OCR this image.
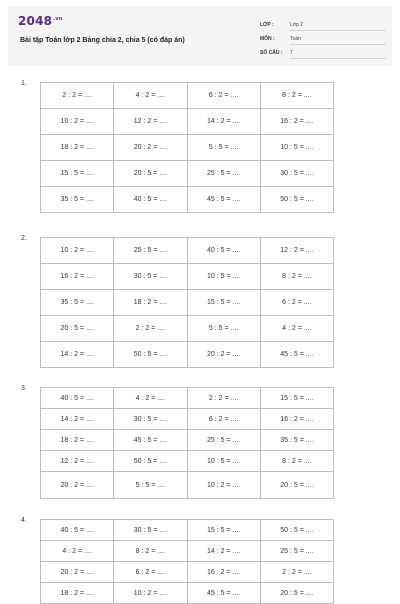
$2048^{.vn}$
Bài tập Toán lớp 2 Bảng chia 2, chia 5 (có đáp án)
LỚP :	Lớp 2
MÔN :	Toán
SỐ CÂU :	7
1.
2 : 2 = ....	4 : 2 = ....	6 : 2 = ....	8 : 2 = ....
10 : 2 = ....	12 : 2 = ....	14 : 2 = ....	16 : 2 = ....
18 : 2 = ....	20 : 2 = ....	5 : 5 = ....	10 : 5 = ....
15 : 5 = ....	20 : 5 = ....	25 : 5 = ....	30 : 5 = ....
35 : 5 = ....	40 : 5 = ....	45 : 5 = ....	50 : 5 = ....
2.
10 : 2 = ....	25 : 5 = ....	40 : 5 = ....	12 : 2 = ....
16 : 2 = ....	30 : 5 = ....	10 : 5 = ....	8 : 2 = ....
35 : 5 = ....	18 : 2 = ....	15 : 5 = ....	6 : 2 = ....
20 : 5 = ....	2 : 2 = ....	5 : 5 = ....	4 : 2 = ....
14 : 2 = ....	50 : 5 = ....	20 : 2 = ....	45 : 5 = ....
3.
40 : 5 = ....	4 : 2 = ....	2 : 2 = ....	15 : 5 = ....
14 : 2 = ....	30 : 5 = ....	6 : 2 = ....	16 : 2 = ....
18 : 2 = ....	45 : 5 = ....	25 : 5 = ....	35 : 5 = ....
12 : 2 = ....	50 : 5 = ....	10 : 5 = ....	8 : 2 = ....
20 : 2 = ....	5 : 5 = ....	10 : 2 = ....	20 : 5 = ....
4.
40 : 5 = ....	30 : 5 = ....	15 : 5 = ....	50 : 5 = ....
4 : 2 = ....	8 : 2 = ....	14 : 2 = ....	25 : 5 = ....
20 : 2 = ....	6 : 2 = ....	16 : 2 = ....	2 : 2 = ....
18 : 2 = ....	10 : 2 = ....	45 : 5 = ....	20 : 5 = ....
